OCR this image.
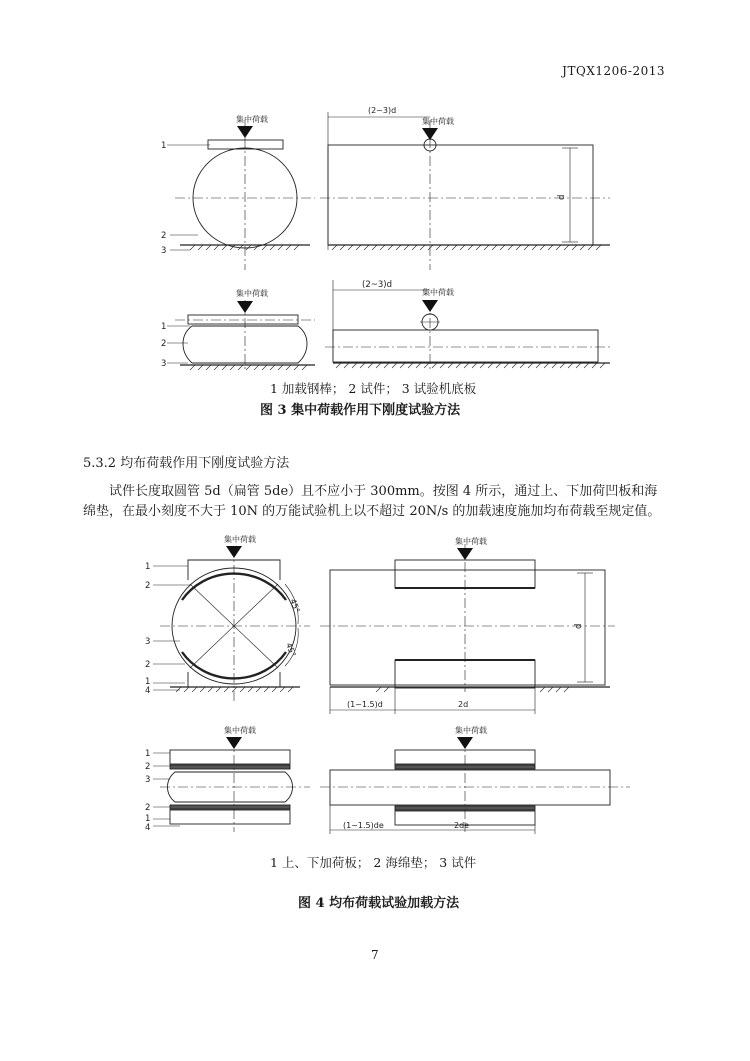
JTQX1206-2013
集中荷载	集中荷载
集中荷载	集中荷载
(2~3)d
(2~3)d
d
1
2
3
1
2
3
1 加载钢棒； 2 试件； 3 试验机底板
图 3 集中荷载作用下刚度试验方法
5.3.2 均布荷载作用下刚度试验方法
试件长度取圆管 5d（扁管 5de）且不应小于 300mm。按图 4 所示，通过上、下加荷凹板和海绵垫，在最小刻度不大于 10N 的万能试验机上以不超过 20N/s 的加载速度施加均布荷载至规定值。
集中荷载	集中荷载
集中荷载	集中荷载
45°
45°
d
(1~1.5)d	2d
(1~1.5)de	2de
1
2
3
2
1
4
1
2
3
2
1
4
1 上、下加荷板； 2 海绵垫； 3 试件
图 4 均布荷载试验加载方法
7
